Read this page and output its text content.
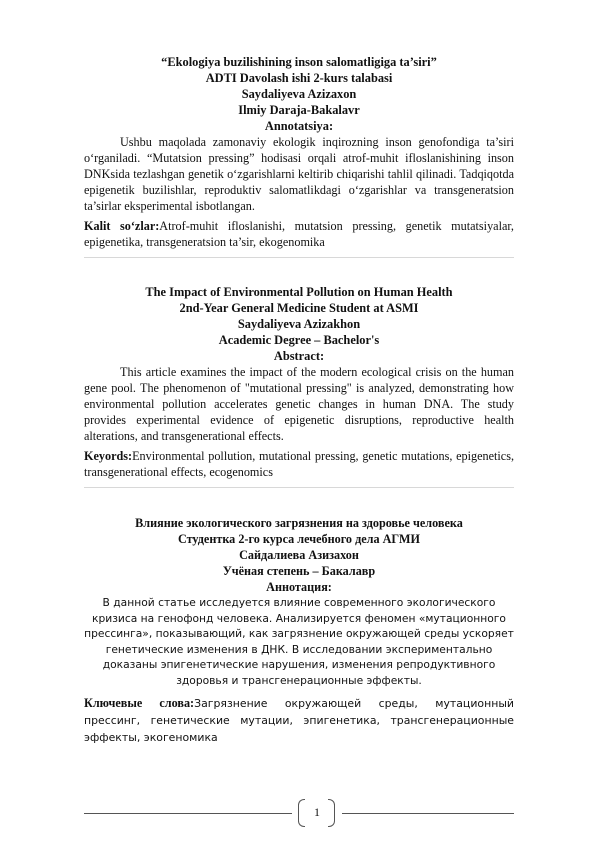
“Ekologiya buzilishining inson salomatligiga ta’siri”
ADTI Davolash ishi 2-kurs talabasi
Saydaliyeva Azizaxon
Ilmiy Daraja-Bakalavr
Annotatsiya:

Ushbu maqolada zamonaviy ekologik inqirozning inson genofondiga ta’siri o‘rganiladi. “Mutatsion pressing” hodisasi orqali atrof-muhit ifloslanishining inson DNKsida tezlashgan genetik o‘zgarishlarni keltirib chiqarishi tahlil qilinadi. Tadqiqotda epigenetik buzilishlar, reproduktiv salomatlikdagi o‘zgarishlar va transgeneratsion ta’sirlar eksperimental isbotlangan.

Kalit so‘zlar:Atrof-muhit ifloslanishi, mutatsion pressing, genetik mutatsiyalar, epigenetika, transgeneratsion ta’sir, ekogenomika

The Impact of Environmental Pollution on Human Health
2nd-Year General Medicine Student at ASMI
Saydaliyeva Azizakhon
Academic Degree – Bachelor's
Abstract:

This article examines the impact of the modern ecological crisis on the human gene pool. The phenomenon of "mutational pressing" is analyzed, demonstrating how environmental pollution accelerates genetic changes in human DNA. The study provides experimental evidence of epigenetic disruptions, reproductive health alterations, and transgenerational effects.

Keyords:Environmental pollution, mutational pressing, genetic mutations, epigenetics, transgenerational effects, ecogenomics

Влияние экологического загрязнения на здоровье человека
Студентка 2-го курса лечебного дела АГМИ
Сайдалиева Азизахон
Учёная степень – Бакалавр
Аннотация:

В данной статье исследуется влияние современного экологического кризиса на генофонд человека. Анализируется феномен «мутационного прессинга», показывающий, как загрязнение окружающей среды ускоряет генетические изменения в ДНК. В исследовании экспериментально доказаны эпигенетические нарушения, изменения репродуктивного здоровья и трансгенерационные эффекты.

Ключевые слова:Загрязнение окружающей среды, мутационный прессинг, генетические мутации, эпигенетика, трансгенерационные эффекты, экогеномика

1
